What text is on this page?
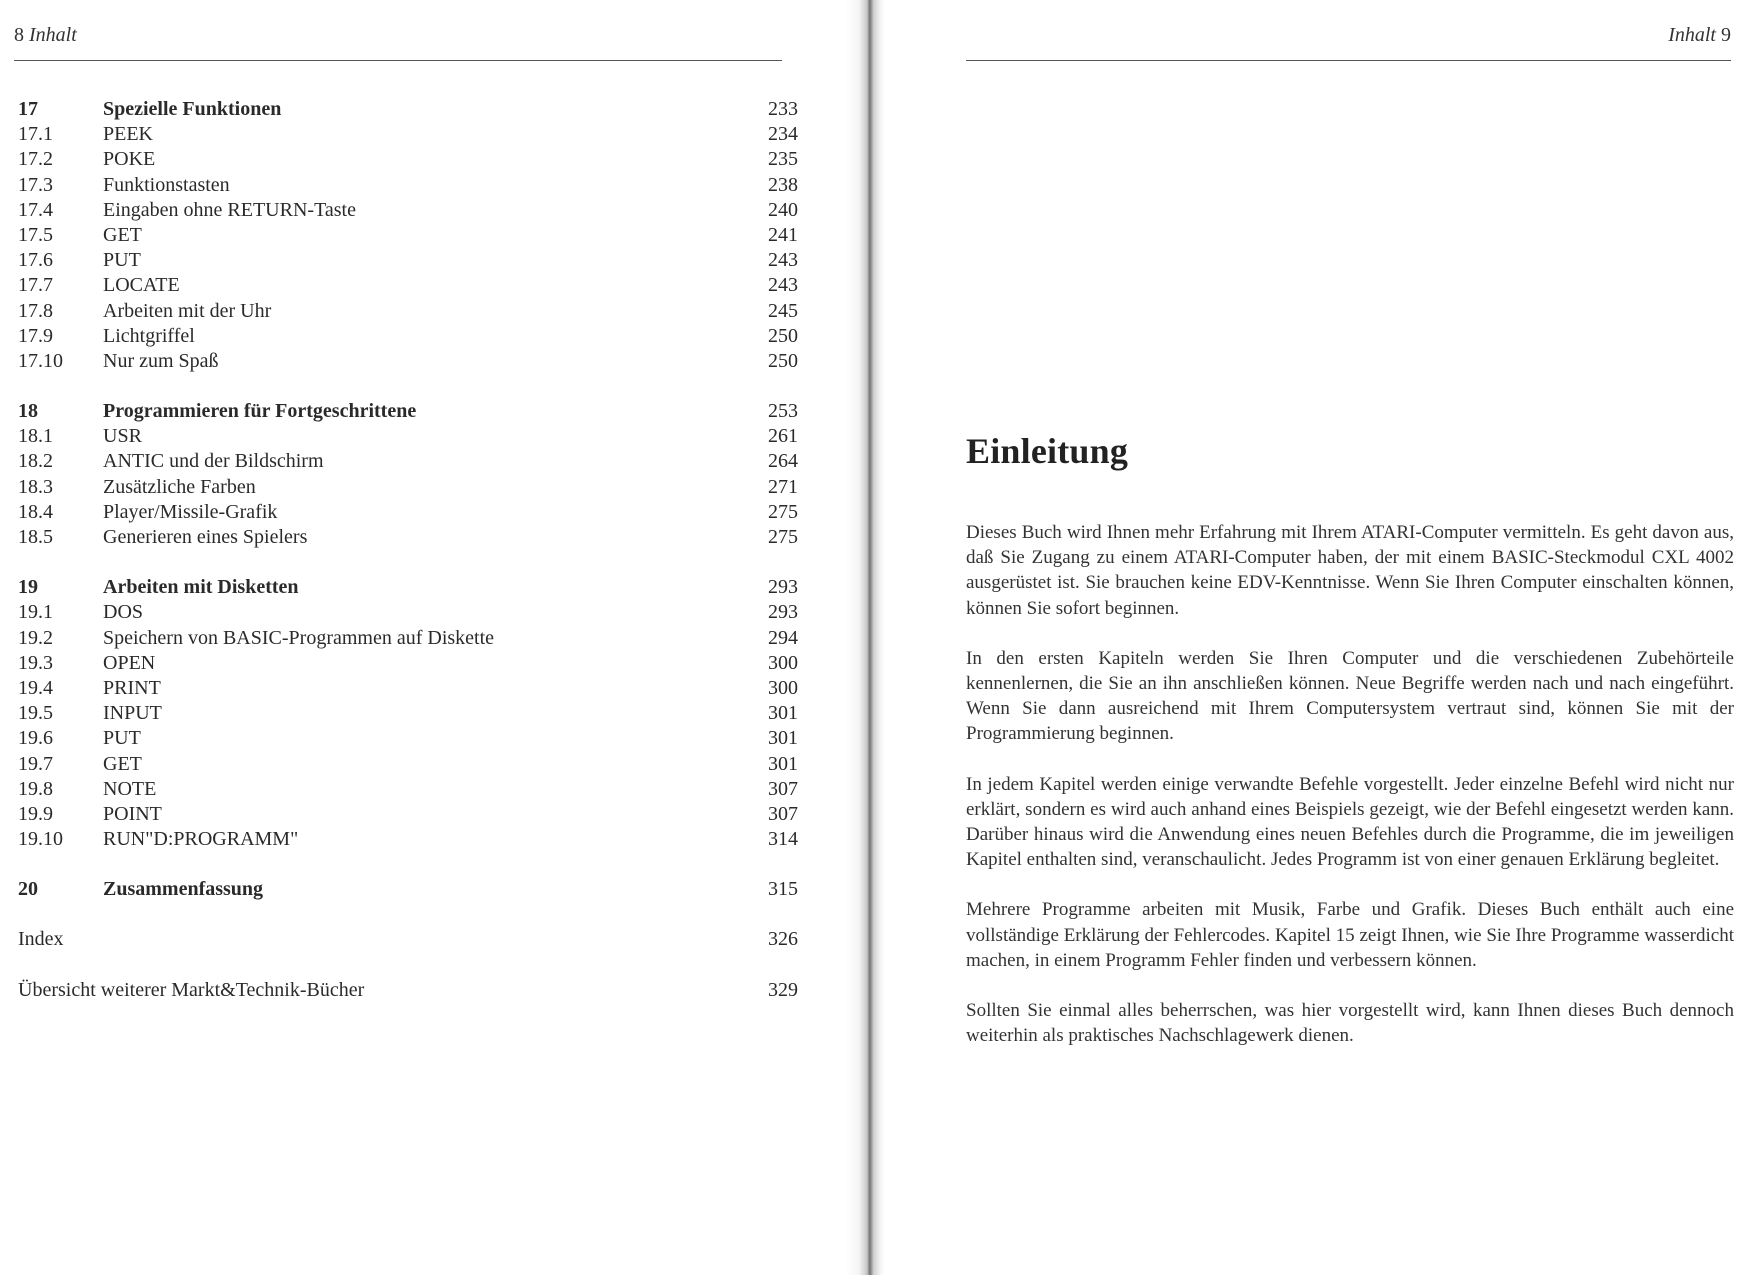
8 Inhalt
17	Spezielle Funktionen	233
17.1	PEEK	234
17.2	POKE	235
17.3	Funktionstasten	238
17.4	Eingaben ohne RETURN-Taste	240
17.5	GET	241
17.6	PUT	243
17.7	LOCATE	243
17.8	Arbeiten mit der Uhr	245
17.9	Lichtgriffel	250
17.10	Nur zum Spaß	250
18	Programmieren für Fortgeschrittene	253
18.1	USR	261
18.2	ANTIC und der Bildschirm	264
18.3	Zusätzliche Farben	271
18.4	Player/Missile-Grafik	275
18.5	Generieren eines Spielers	275
19	Arbeiten mit Disketten	293
19.1	DOS	293
19.2	Speichern von BASIC-Programmen auf Diskette	294
19.3	OPEN	300
19.4	PRINT	300
19.5	INPUT	301
19.6	PUT	301
19.7	GET	301
19.8	NOTE	307
19.9	POINT	307
19.10	RUN"D:PROGRAMM"	314
20	Zusammenfassung	315
Index	326
Übersicht weiterer Markt&Technik-Bücher	329
Inhalt 9
Einleitung

Dieses Buch wird Ihnen mehr Erfahrung mit Ihrem ATARI-Computer vermitteln. Es geht davon aus, daß Sie Zugang zu einem ATARI-Computer haben, der mit einem BASIC-Steckmodul CXL 4002 ausgerüstet ist. Sie brauchen keine EDV-Kenntnisse. Wenn Sie Ihren Computer einschalten können, können Sie sofort beginnen.

In den ersten Kapiteln werden Sie Ihren Computer und die verschiedenen Zubehörteile kennenlernen, die Sie an ihn anschließen können. Neue Begriffe werden nach und nach eingeführt. Wenn Sie dann ausreichend mit Ihrem Computersystem vertraut sind, können Sie mit der Programmierung beginnen.

In jedem Kapitel werden einige verwandte Befehle vorgestellt. Jeder einzelne Befehl wird nicht nur erklärt, sondern es wird auch anhand eines Beispiels gezeigt, wie der Befehl eingesetzt werden kann. Darüber hinaus wird die Anwendung eines neuen Befehles durch die Programme, die im jeweiligen Kapitel enthalten sind, veranschaulicht. Jedes Programm ist von einer genauen Erklärung begleitet.

Mehrere Programme arbeiten mit Musik, Farbe und Grafik. Dieses Buch enthält auch eine vollständige Erklärung der Fehlercodes. Kapitel 15 zeigt Ihnen, wie Sie Ihre Programme wasserdicht machen, in einem Programm Fehler finden und verbessern können.

Sollten Sie einmal alles beherrschen, was hier vorgestellt wird, kann Ihnen dieses Buch dennoch weiterhin als praktisches Nachschlagewerk dienen.
